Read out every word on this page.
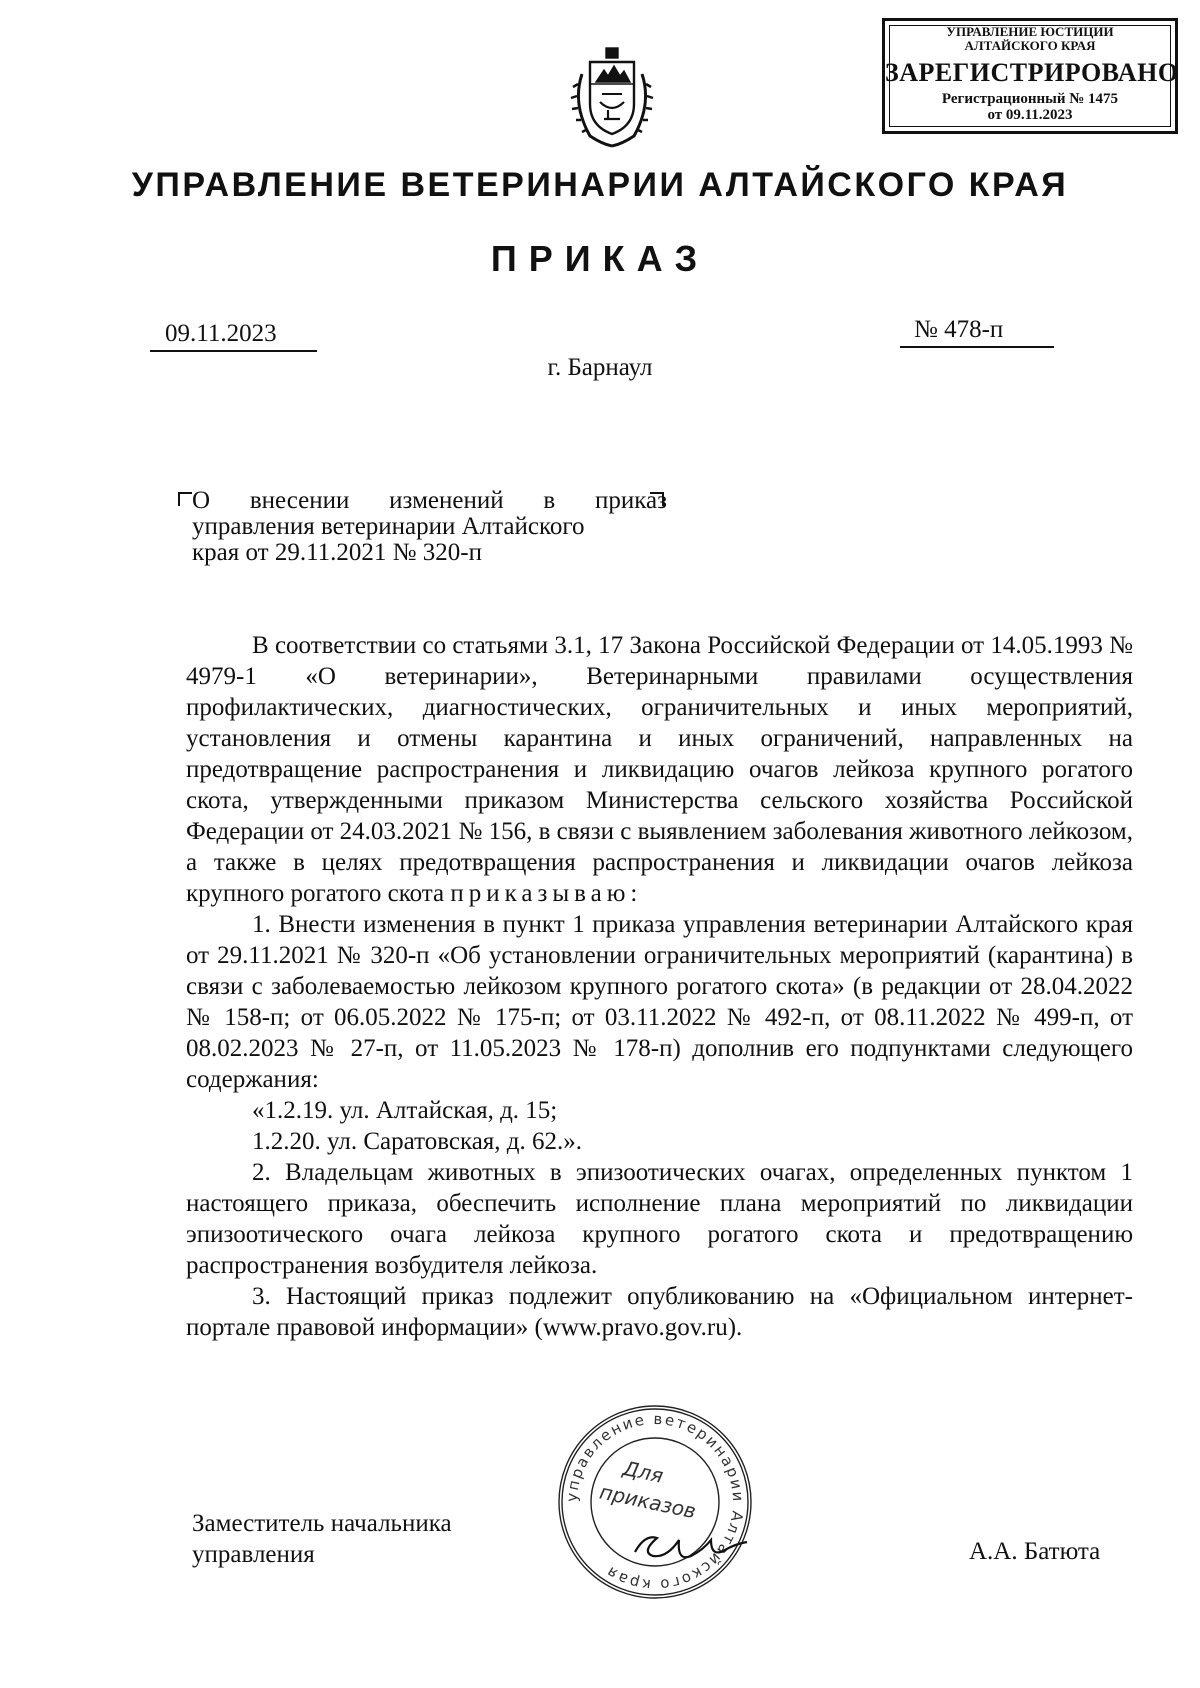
УПРАВЛЕНИЕ ЮСТИЦИИ
АЛТАЙСКОГО КРАЯ
ЗАРЕГИСТРИРОВАНО
Регистрационный № 1475
от 09.11.2023
УПРАВЛЕНИЕ ВЕТЕРИНАРИИ АЛТАЙСКОГО КРАЯ
ПРИКАЗ
09.11.2023	№ 478-п
г. Барнаул
О внесении изменений в приказ
управления ветеринарии Алтайского
края от 29.11.2021 № 320-п

В соответствии со статьями 3.1, 17 Закона Российской Федерации от 14.05.1993 № 4979-1 «О ветеринарии», Ветеринарными правилами осуществления профилактических, диагностических, ограничительных и иных мероприятий, установления и отмены карантина и иных ограничений, направленных на предотвращение распространения и ликвидацию очагов лейкоза крупного рогатого скота, утвержденными приказом Министерства сельского хозяйства Российской Федерации от 24.03.2021 № 156, в связи с выявлением заболевания животного лейкозом, а также в целях предотвращения распространения и ликвидации очагов лейкоза крупного рогатого скота приказываю:

1. Внести изменения в пункт 1 приказа управления ветеринарии Алтайского края от 29.11.2021 № 320-п «Об установлении ограничительных мероприятий (карантина) в связи с заболеваемостью лейкозом крупного рогатого скота» (в редакции от 28.04.2022 № 158-п; от 06.05.2022 № 175-п; от 03.11.2022 № 492-п, от 08.11.2022 № 499-п, от 08.02.2023 № 27-п, от 11.05.2023 № 178-п) дополнив его подпунктами следующего содержания:

«1.2.19. ул. Алтайская, д. 15;

1.2.20. ул. Саратовская, д. 62.».

2. Владельцам животных в эпизоотических очагах, определенных пунктом 1 настоящего приказа, обеспечить исполнение плана мероприятий по ликвидации эпизоотического очага лейкоза крупного рогатого скота и предотвращению распространения возбудителя лейкоза.

3. Настоящий приказ подлежит опубликованию на «Официальном интернет-портале правовой информации» (www.pravo.gov.ru).

Заместитель начальника
управления	А.А. Батюта
управление ветеринарии Алтайского края
Для
приказов
